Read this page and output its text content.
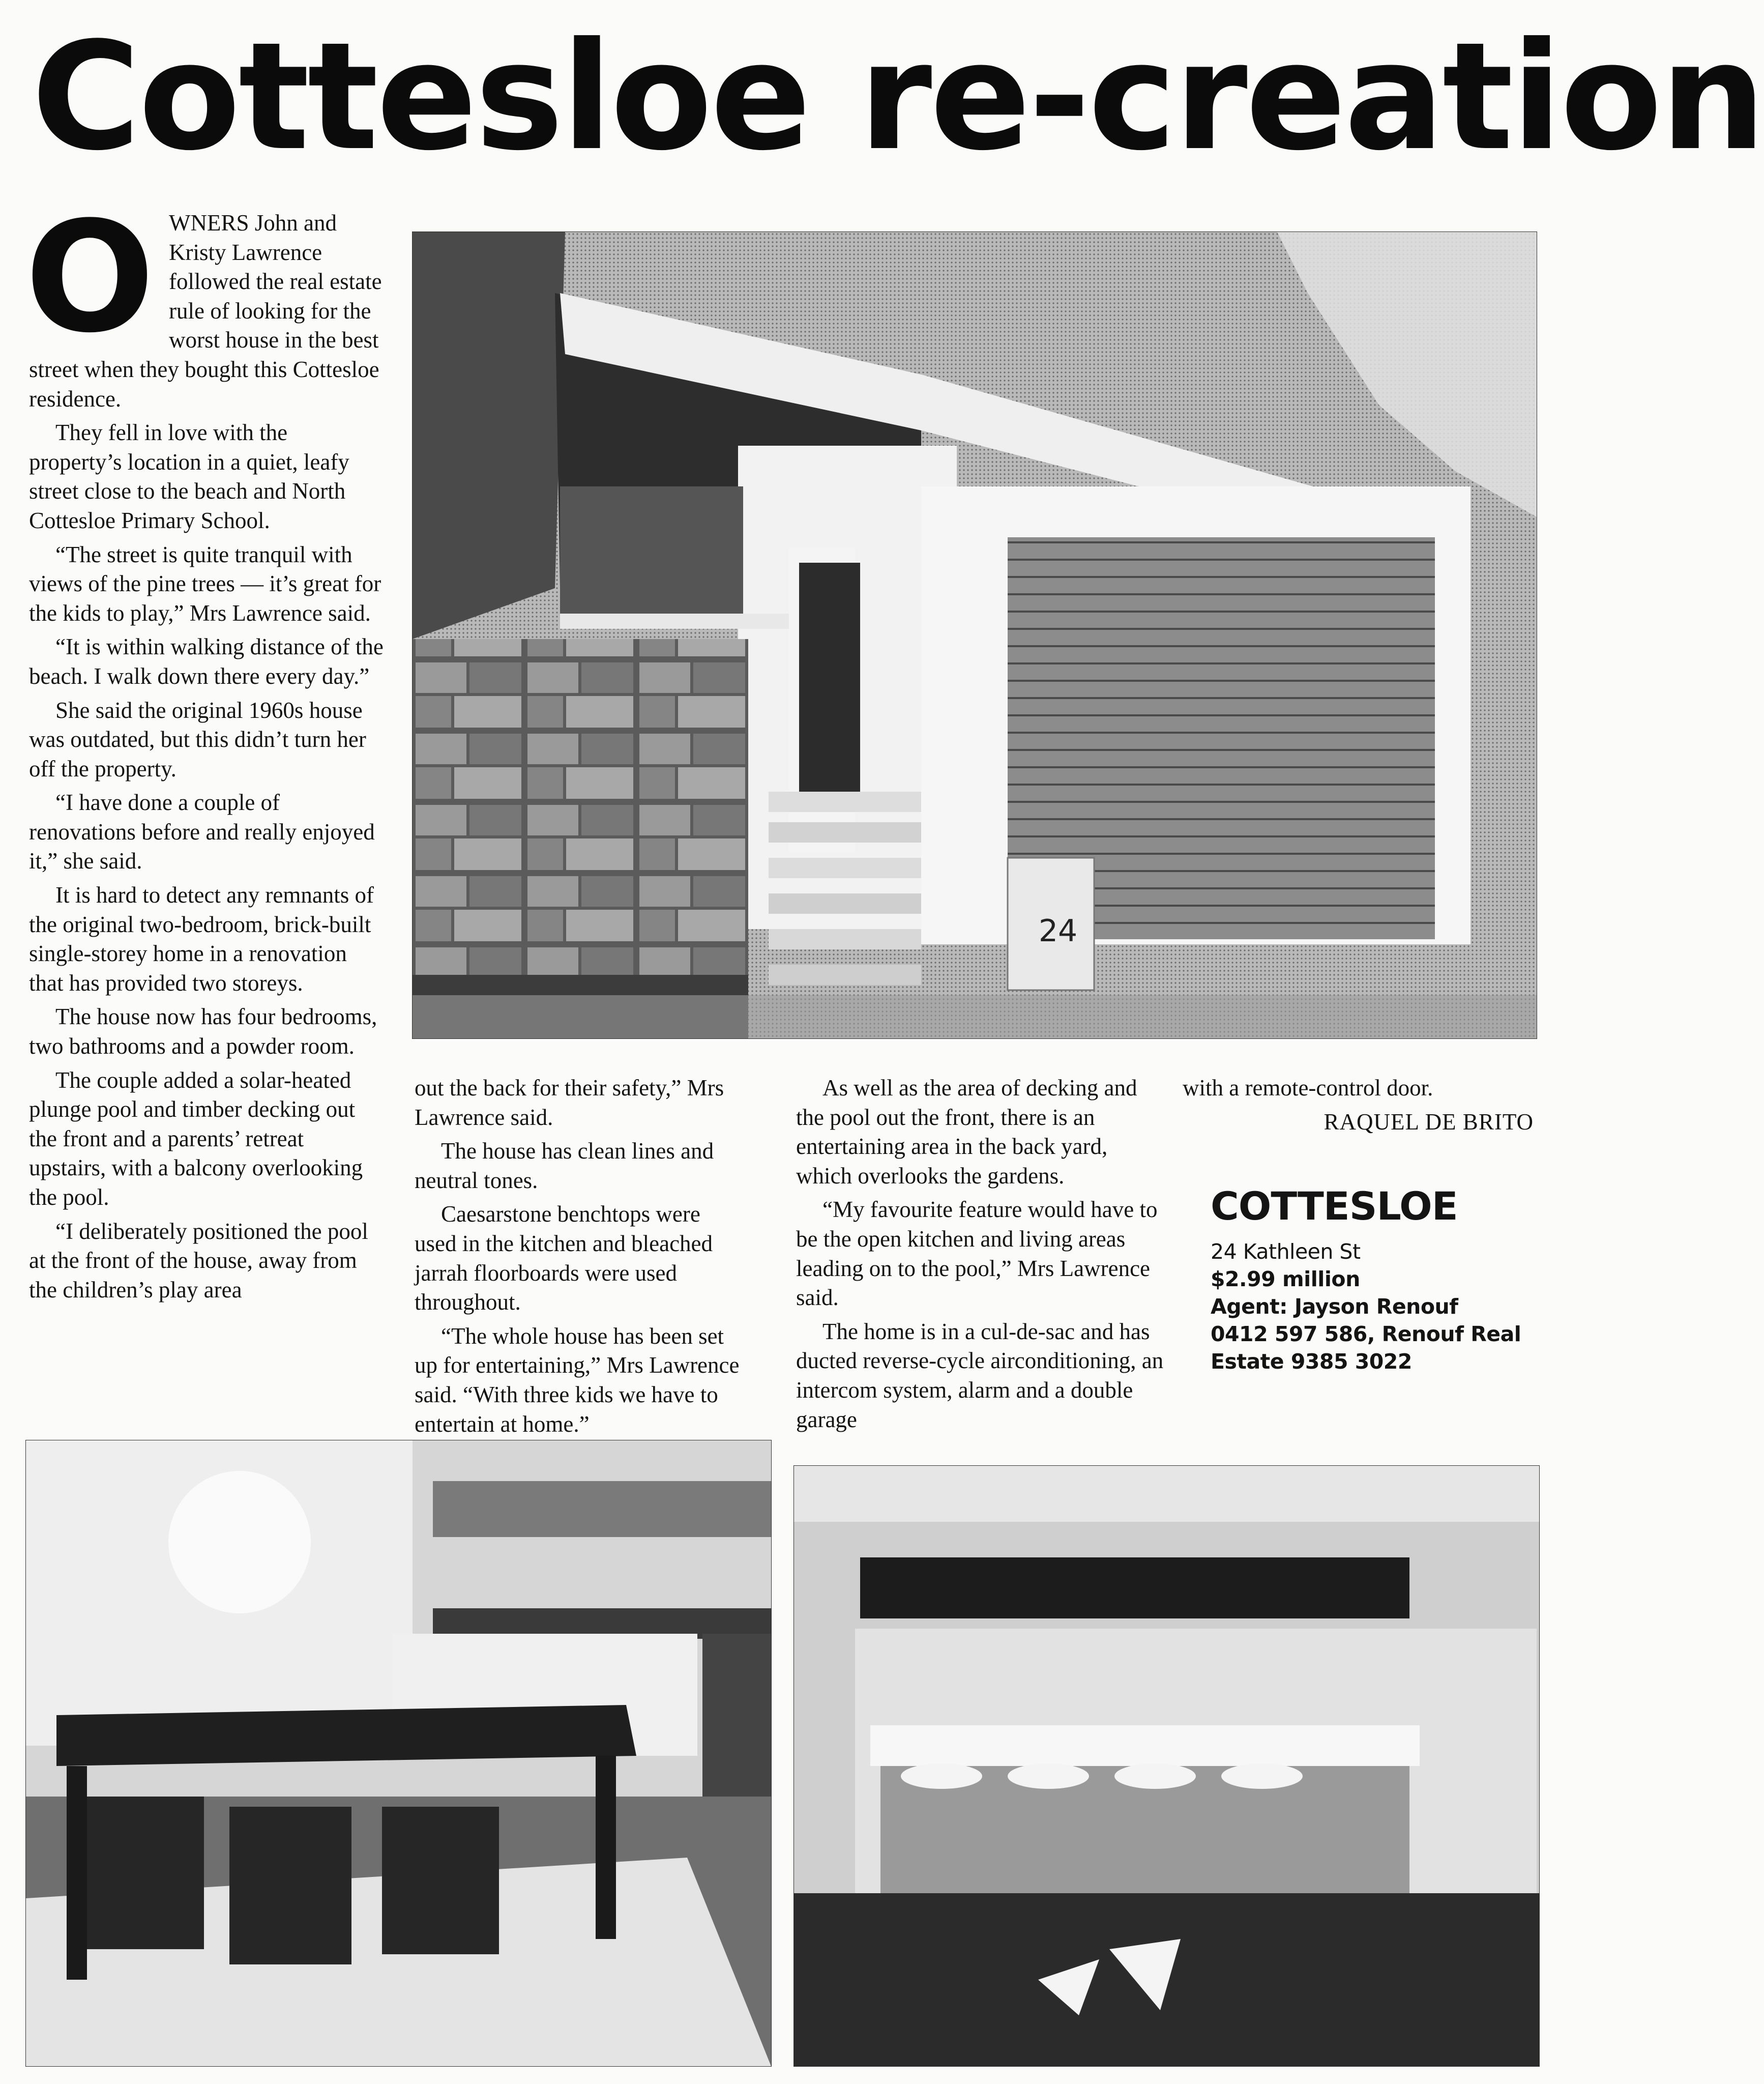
Cottesloe re-creation

OWNERS John and Kristy Lawrence followed the real estate rule of looking for the worst house in the best street when they bought this Cottesloe residence.

They fell in love with the property’s location in a quiet, leafy street close to the beach and North Cottesloe Primary School.

“The street is quite tranquil with views of the pine trees — it’s great for the kids to play,” Mrs Lawrence said.

“It is within walking distance of the beach. I walk down there every day.”

She said the original 1960s house was outdated, but this didn’t turn her off the property.

“I have done a couple of renovations before and really enjoyed it,” she said.

It is hard to detect any remnants of the original two-bedroom, brick-built single-storey home in a renovation that has provided two storeys.

The house now has four bedrooms, two bathrooms and a powder room.

The couple added a solar-heated plunge pool and timber decking out the front and a parents’ retreat upstairs, with a balcony overlooking the pool.

“I deliberately positioned the pool at the front of the house, away from the children’s play area

out the back for their safety,” Mrs Lawrence said.

The house has clean lines and neutral tones.

Caesarstone benchtops were used in the kitchen and bleached jarrah floorboards were used throughout.

“The whole house has been set up for entertaining,” Mrs Lawrence said. “With three kids we have to entertain at home.”

As well as the area of decking and the pool out the front, there is an entertaining area in the back yard, which overlooks the gardens.

“My favourite feature would have to be the open kitchen and living areas leading on to the pool,” Mrs Lawrence said.

The home is in a cul-de-sac and has ducted reverse-cycle airconditioning, an intercom system, alarm and a double garage

with a remote-control door.

RAQUEL DE BRITO

COTTESLOE
24 Kathleen St
$2.99 million
Agent: Jayson Renouf
0412 597 586, Renouf Real
Estate 9385 3022
24
